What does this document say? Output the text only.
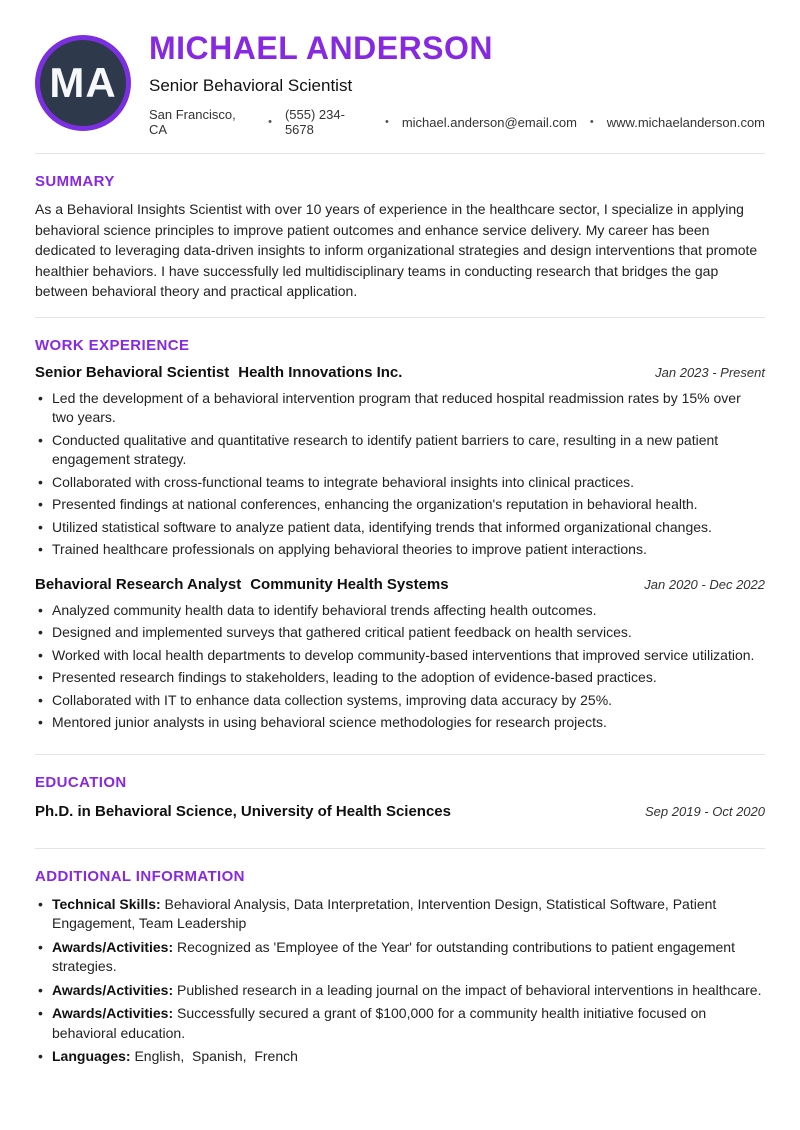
MA
MICHAEL ANDERSON

Senior Behavioral Scientist

San Francisco, CA	• (555) 234-5678	• michael.anderson@email.com • www.michaelanderson.com
SUMMARY

As a Behavioral Insights Scientist with over 10 years of experience in the healthcare sector, I specialize in applying behavioral science principles to improve patient outcomes and enhance service delivery. My career has been dedicated to leveraging data-driven insights to inform organizational strategies and design interventions that promote healthier behaviors. I have successfully led multidisciplinary teams in conducting research that bridges the gap between behavioral theory and practical application.

WORK EXPERIENCE
Senior Behavioral Scientist Health Innovations Inc.	Jan 2023 - Present
• Led the development of a behavioral intervention program that reduced hospital readmission rates by 15% over two years.
• Conducted qualitative and quantitative research to identify patient barriers to care, resulting in a new patient engagement strategy.
• Collaborated with cross-functional teams to integrate behavioral insights into clinical practices.
• Presented findings at national conferences, enhancing the organization's reputation in behavioral health.
• Utilized statistical software to analyze patient data, identifying trends that informed organizational changes.
• Trained healthcare professionals on applying behavioral theories to improve patient interactions.
Behavioral Research Analyst Community Health Systems	Jan 2020 - Dec 2022
• Analyzed community health data to identify behavioral trends affecting health outcomes.
• Designed and implemented surveys that gathered critical patient feedback on health services.
• Worked with local health departments to develop community-based interventions that improved service utilization.
• Presented research findings to stakeholders, leading to the adoption of evidence-based practices.
• Collaborated with IT to enhance data collection systems, improving data accuracy by 25%.
• Mentored junior analysts in using behavioral science methodologies for research projects.
EDUCATION
Ph.D. in Behavioral Science, University of Health Sciences	Sep 2019 - Oct 2020
ADDITIONAL INFORMATION
• Technical Skills: Behavioral Analysis, Data Interpretation, Intervention Design, Statistical Software, Patient Engagement, Team Leadership
• Awards/Activities: Recognized as 'Employee of the Year' for outstanding contributions to patient engagement strategies.
• Awards/Activities: Published research in a leading journal on the impact of behavioral interventions in healthcare.
• Awards/Activities: Successfully secured a grant of $100,000 for a community health initiative focused on behavioral education.
• Languages: English,  Spanish,  French
